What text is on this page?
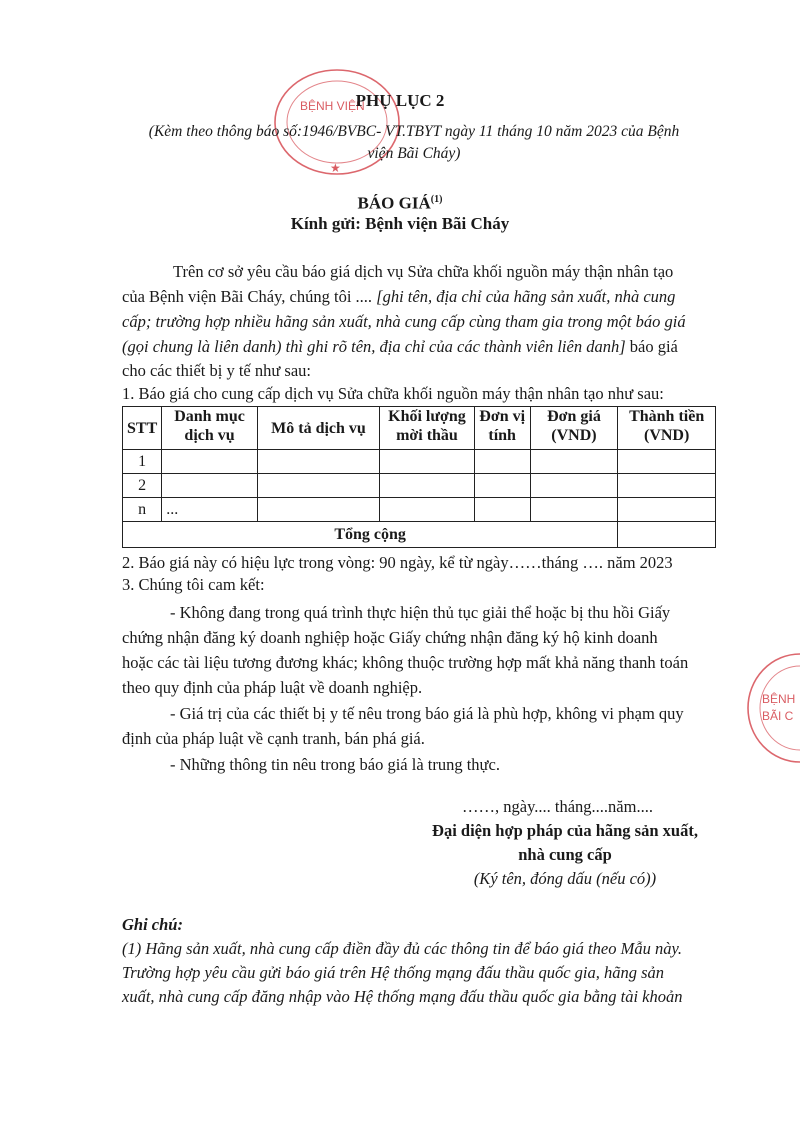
BỆNH VIỆN
★
BỆNH
BÃI C
PHỤ LỤC 2
(Kèm theo thông báo số:1946/BVBC- VT.TBYT ngày 11 tháng 10 năm 2023 của Bệnh
viện Bãi Cháy)
BÁO GIÁ$^{(1)}$
Kính gửi: Bệnh viện Bãi Cháy
Trên cơ sở yêu cầu báo giá dịch vụ Sửa chữa khối nguồn máy thận nhân tạo
của Bệnh viện Bãi Cháy, chúng tôi .... [ghi tên, địa chỉ của hãng sản xuất, nhà cung
cấp; trường hợp nhiều hãng sản xuất, nhà cung cấp cùng tham gia trong một báo giá
(gọi chung là liên danh) thì ghi rõ tên, địa chỉ của các thành viên liên danh] báo giá
cho các thiết bị y tế như sau:
1. Báo giá cho cung cấp dịch vụ Sửa chữa khối nguồn máy thận nhân tạo như sau:
STT	Danh mục dịch vụ	Mô tả dịch vụ	Khối lượng mời thầu	Đơn vị tính	Đơn giá (VND)	Thành tiền (VND)
1						
2						
n	...					
Tổng cộng						
2. Báo giá này có hiệu lực trong vòng: 90 ngày, kể từ ngày……tháng …. năm 2023
3. Chúng tôi cam kết:
- Không đang trong quá trình thực hiện thủ tục giải thể hoặc bị thu hồi Giấy
chứng nhận đăng ký doanh nghiệp hoặc Giấy chứng nhận đăng ký hộ kinh doanh
hoặc các tài liệu tương đương khác; không thuộc trường hợp mất khả năng thanh toán
theo quy định của pháp luật về doanh nghiệp.
- Giá trị của các thiết bị y tế nêu trong báo giá là phù hợp, không vi phạm quy
định của pháp luật về cạnh tranh, bán phá giá.
- Những thông tin nêu trong báo giá là trung thực.
……, ngày.... tháng....năm....
Đại diện hợp pháp của hãng sản xuất,
nhà cung cấp
(Ký tên, đóng dấu (nếu có))
Ghi chú:
(1) Hãng sản xuất, nhà cung cấp điền đầy đủ các thông tin để báo giá theo Mẫu này.
Trường hợp yêu cầu gửi báo giá trên Hệ thống mạng đấu thầu quốc gia, hãng sản
xuất, nhà cung cấp đăng nhập vào Hệ thống mạng đấu thầu quốc gia bằng tài khoản
